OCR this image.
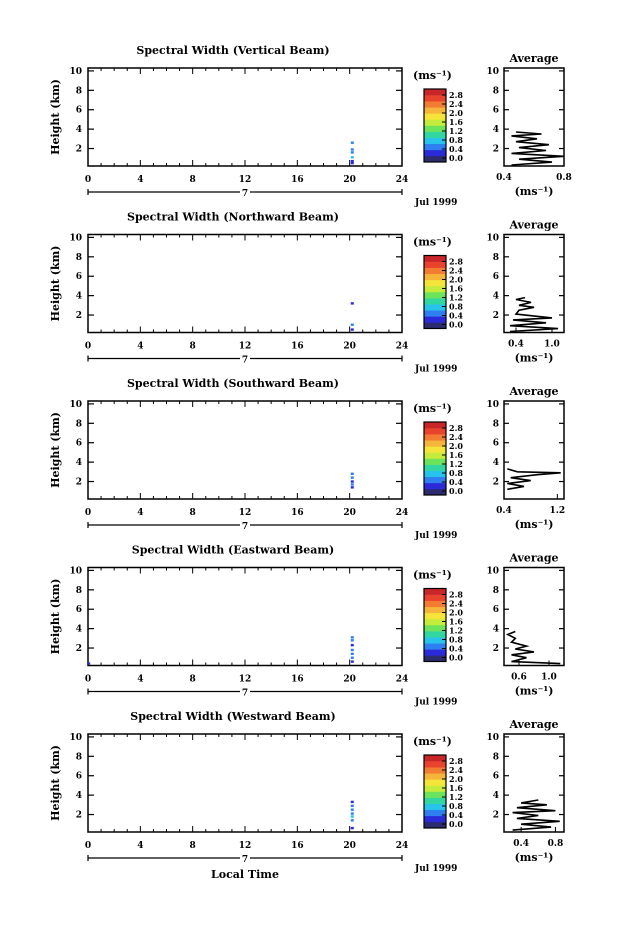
Spectral Width (Vertical Beam)
Height (km) 2
4
6
8
10
0	4	8	12	16	20	24
7
Jul 1999
(ms⁻¹)
0.0
0.4
0.8
1.2
1.6
2.0
2.4
2.8
Average
2
4
6
8
10
0.4	0.8
(ms⁻¹)
Spectral Width (Northward Beam)
Height (km) 2
4
6
8
10
0	4	8	12	16	20	24
7
Jul 1999
(ms⁻¹)
0.0
0.4
0.8
1.2
1.6
2.0
2.4
2.8
Average
2
4
6
8
10
0.4 1.0
(ms⁻¹)
Spectral Width (Southward Beam)
Height (km) 2
4
6
8
10
0	4	8	12	16	20	24
7
Jul 1999
(ms⁻¹)
0.0
0.4
0.8
1.2
1.6
2.0
2.4
2.8
Average
2
4
6
8
10
0.4	1.2
(ms⁻¹)
Spectral Width (Eastward Beam)
Height (km) 2
4
6
8
10
0	4	8	12	16	20	24
7
Jul 1999
(ms⁻¹)
0.0
0.4
0.8
1.2
1.6
2.0
2.4
2.8
Average
2
4
6
8
10
0.6 1.0
(ms⁻¹)
Spectral Width (Westward Beam)
Height (km) 2
4
6
8
10
0	4	8	12	16	20	24
7
Jul 1999
(ms⁻¹)
0.0
0.4
0.8
1.2
1.6
2.0
2.4
2.8
Average
2
4
6
8
10
0.4 0.8
(ms⁻¹)
Local Time
